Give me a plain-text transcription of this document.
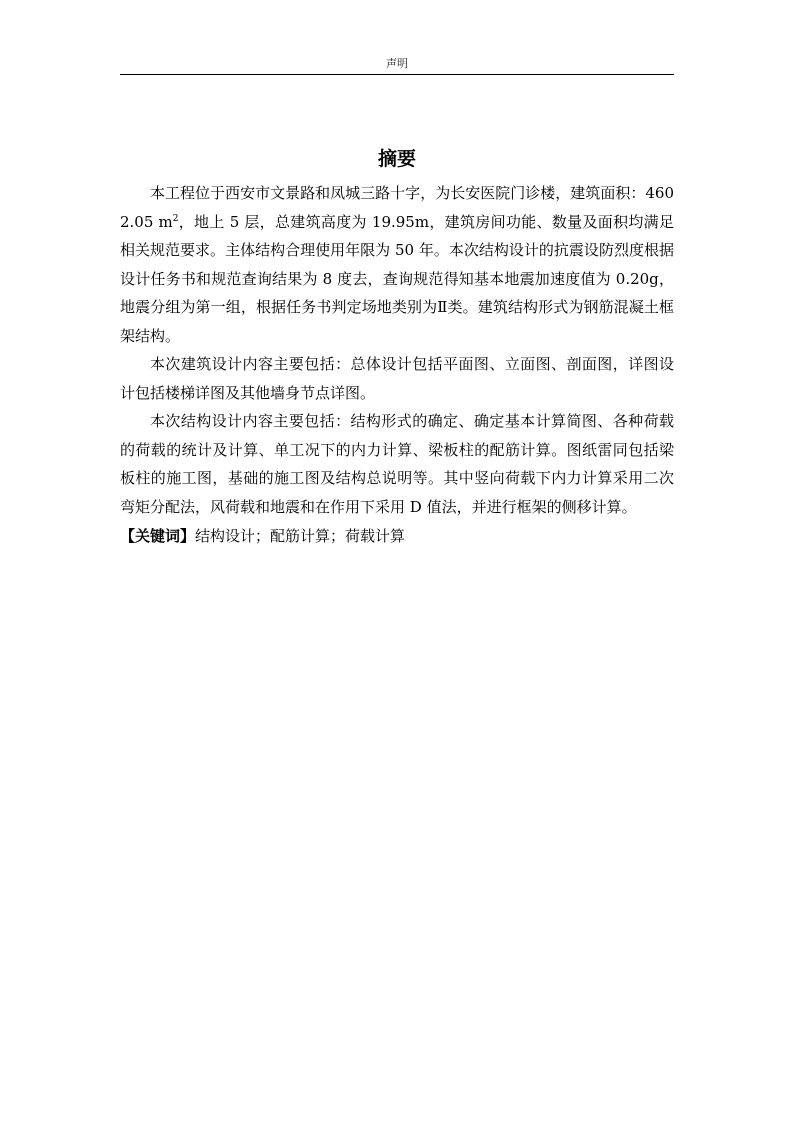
声明
摘要

本工程位于西安市文景路和凤城三路十字，为长安医院门诊楼，建筑面积：4602.05 $m^2$，地上 5 层，总建筑高度为 19.95m，建筑房间功能、数量及面积均满足相关规范要求。主体结构合理使用年限为 50 年。本次结构设计的抗震设防烈度根据设计任务书和规范查询结果为 8 度去，查询规范得知基本地震加速度值为 0.20g，地震分组为第一组，根据任务书判定场地类别为Ⅱ类。建筑结构形式为钢筋混凝土框架结构。

本次建筑设计内容主要包括：总体设计包括平面图、立面图、剖面图，详图设计包括楼梯详图及其他墙身节点详图。

本次结构设计内容主要包括：结构形式的确定、确定基本计算简图、各种荷载的荷载的统计及计算、单工况下的内力计算、梁板柱的配筋计算。图纸雷同包括梁板柱的施工图，基础的施工图及结构总说明等。其中竖向荷载下内力计算采用二次弯矩分配法，风荷载和地震和在作用下采用 D 值法，并进行框架的侧移计算。

【关键词】结构设计；配筋计算；荷载计算
